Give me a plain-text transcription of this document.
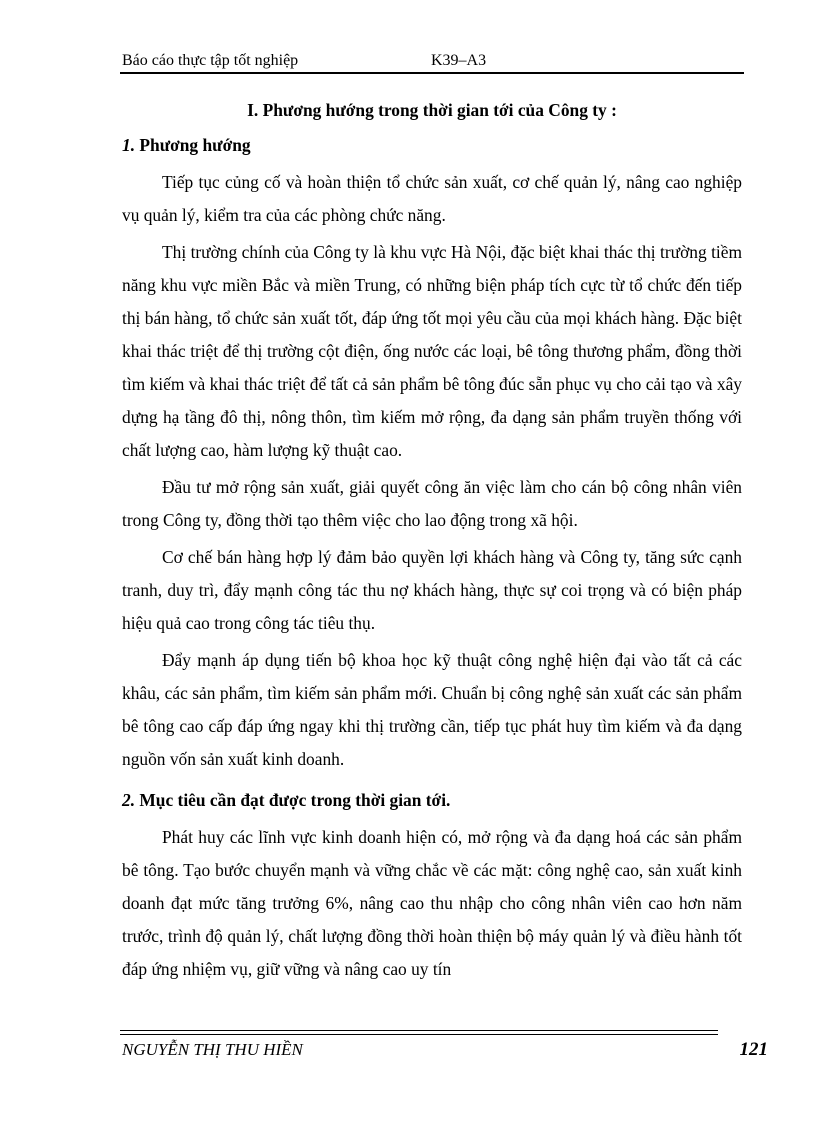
Báo cáo thực tập tốt nghiệp	K39–A3
I. Phương hướng trong thời gian tới của Công ty :
1. Phương hướng

Tiếp tục củng cố và hoàn thiện tổ chức sản xuất, cơ chế quản lý, nâng cao nghiệp vụ quản lý, kiểm tra của các phòng chức năng.

Thị trường chính của Công ty là khu vực Hà Nội, đặc biệt khai thác thị trường tiềm năng khu vực miền Bắc và miền Trung, có những biện pháp tích cực từ tổ chức đến tiếp thị bán hàng, tổ chức sản xuất tốt, đáp ứng tốt mọi yêu cầu của mọi khách hàng. Đặc biệt khai thác triệt để thị trường cột điện, ống nước các loại, bê tông thương phẩm, đồng thời tìm kiếm và khai thác triệt để tất cả sản phẩm bê tông đúc sẵn phục vụ cho cải tạo và xây dựng hạ tầng đô thị, nông thôn, tìm kiếm mở rộng, đa dạng sản phẩm truyền thống với chất lượng cao, hàm lượng kỹ thuật cao.

Đầu tư mở rộng sản xuất, giải quyết công ăn việc làm cho cán bộ công nhân viên trong Công ty, đồng thời tạo thêm việc cho lao động trong xã hội.

Cơ chế bán hàng hợp lý đảm bảo quyền lợi khách hàng và Công ty, tăng sức cạnh tranh, duy trì, đẩy mạnh công tác thu nợ khách hàng, thực sự coi trọng và có biện pháp hiệu quả cao trong công tác tiêu thụ.

Đẩy mạnh áp dụng tiến bộ khoa học kỹ thuật công nghệ hiện đại vào tất cả các khâu, các sản phẩm, tìm kiếm sản phẩm mới. Chuẩn bị công nghệ sản xuất các sản phẩm bê tông cao cấp đáp ứng ngay khi thị trường cần, tiếp tục phát huy tìm kiếm và đa dạng nguồn vốn sản xuất kinh doanh.

2. Mục tiêu cần đạt được trong thời gian tới.

Phát huy các lĩnh vực kinh doanh hiện có, mở rộng và đa dạng hoá các sản phẩm bê tông. Tạo bước chuyển mạnh và vững chắc về các mặt: công nghệ cao, sản xuất kinh doanh đạt mức tăng trưởng 6%, nâng cao thu nhập cho công nhân viên cao hơn năm trước, trình độ quản lý, chất lượng đồng thời hoàn thiện bộ máy quản lý và điều hành tốt đáp ứng nhiệm vụ, giữ vững và nâng cao uy tín

NGUYỄN THỊ THU HIỀN	121
